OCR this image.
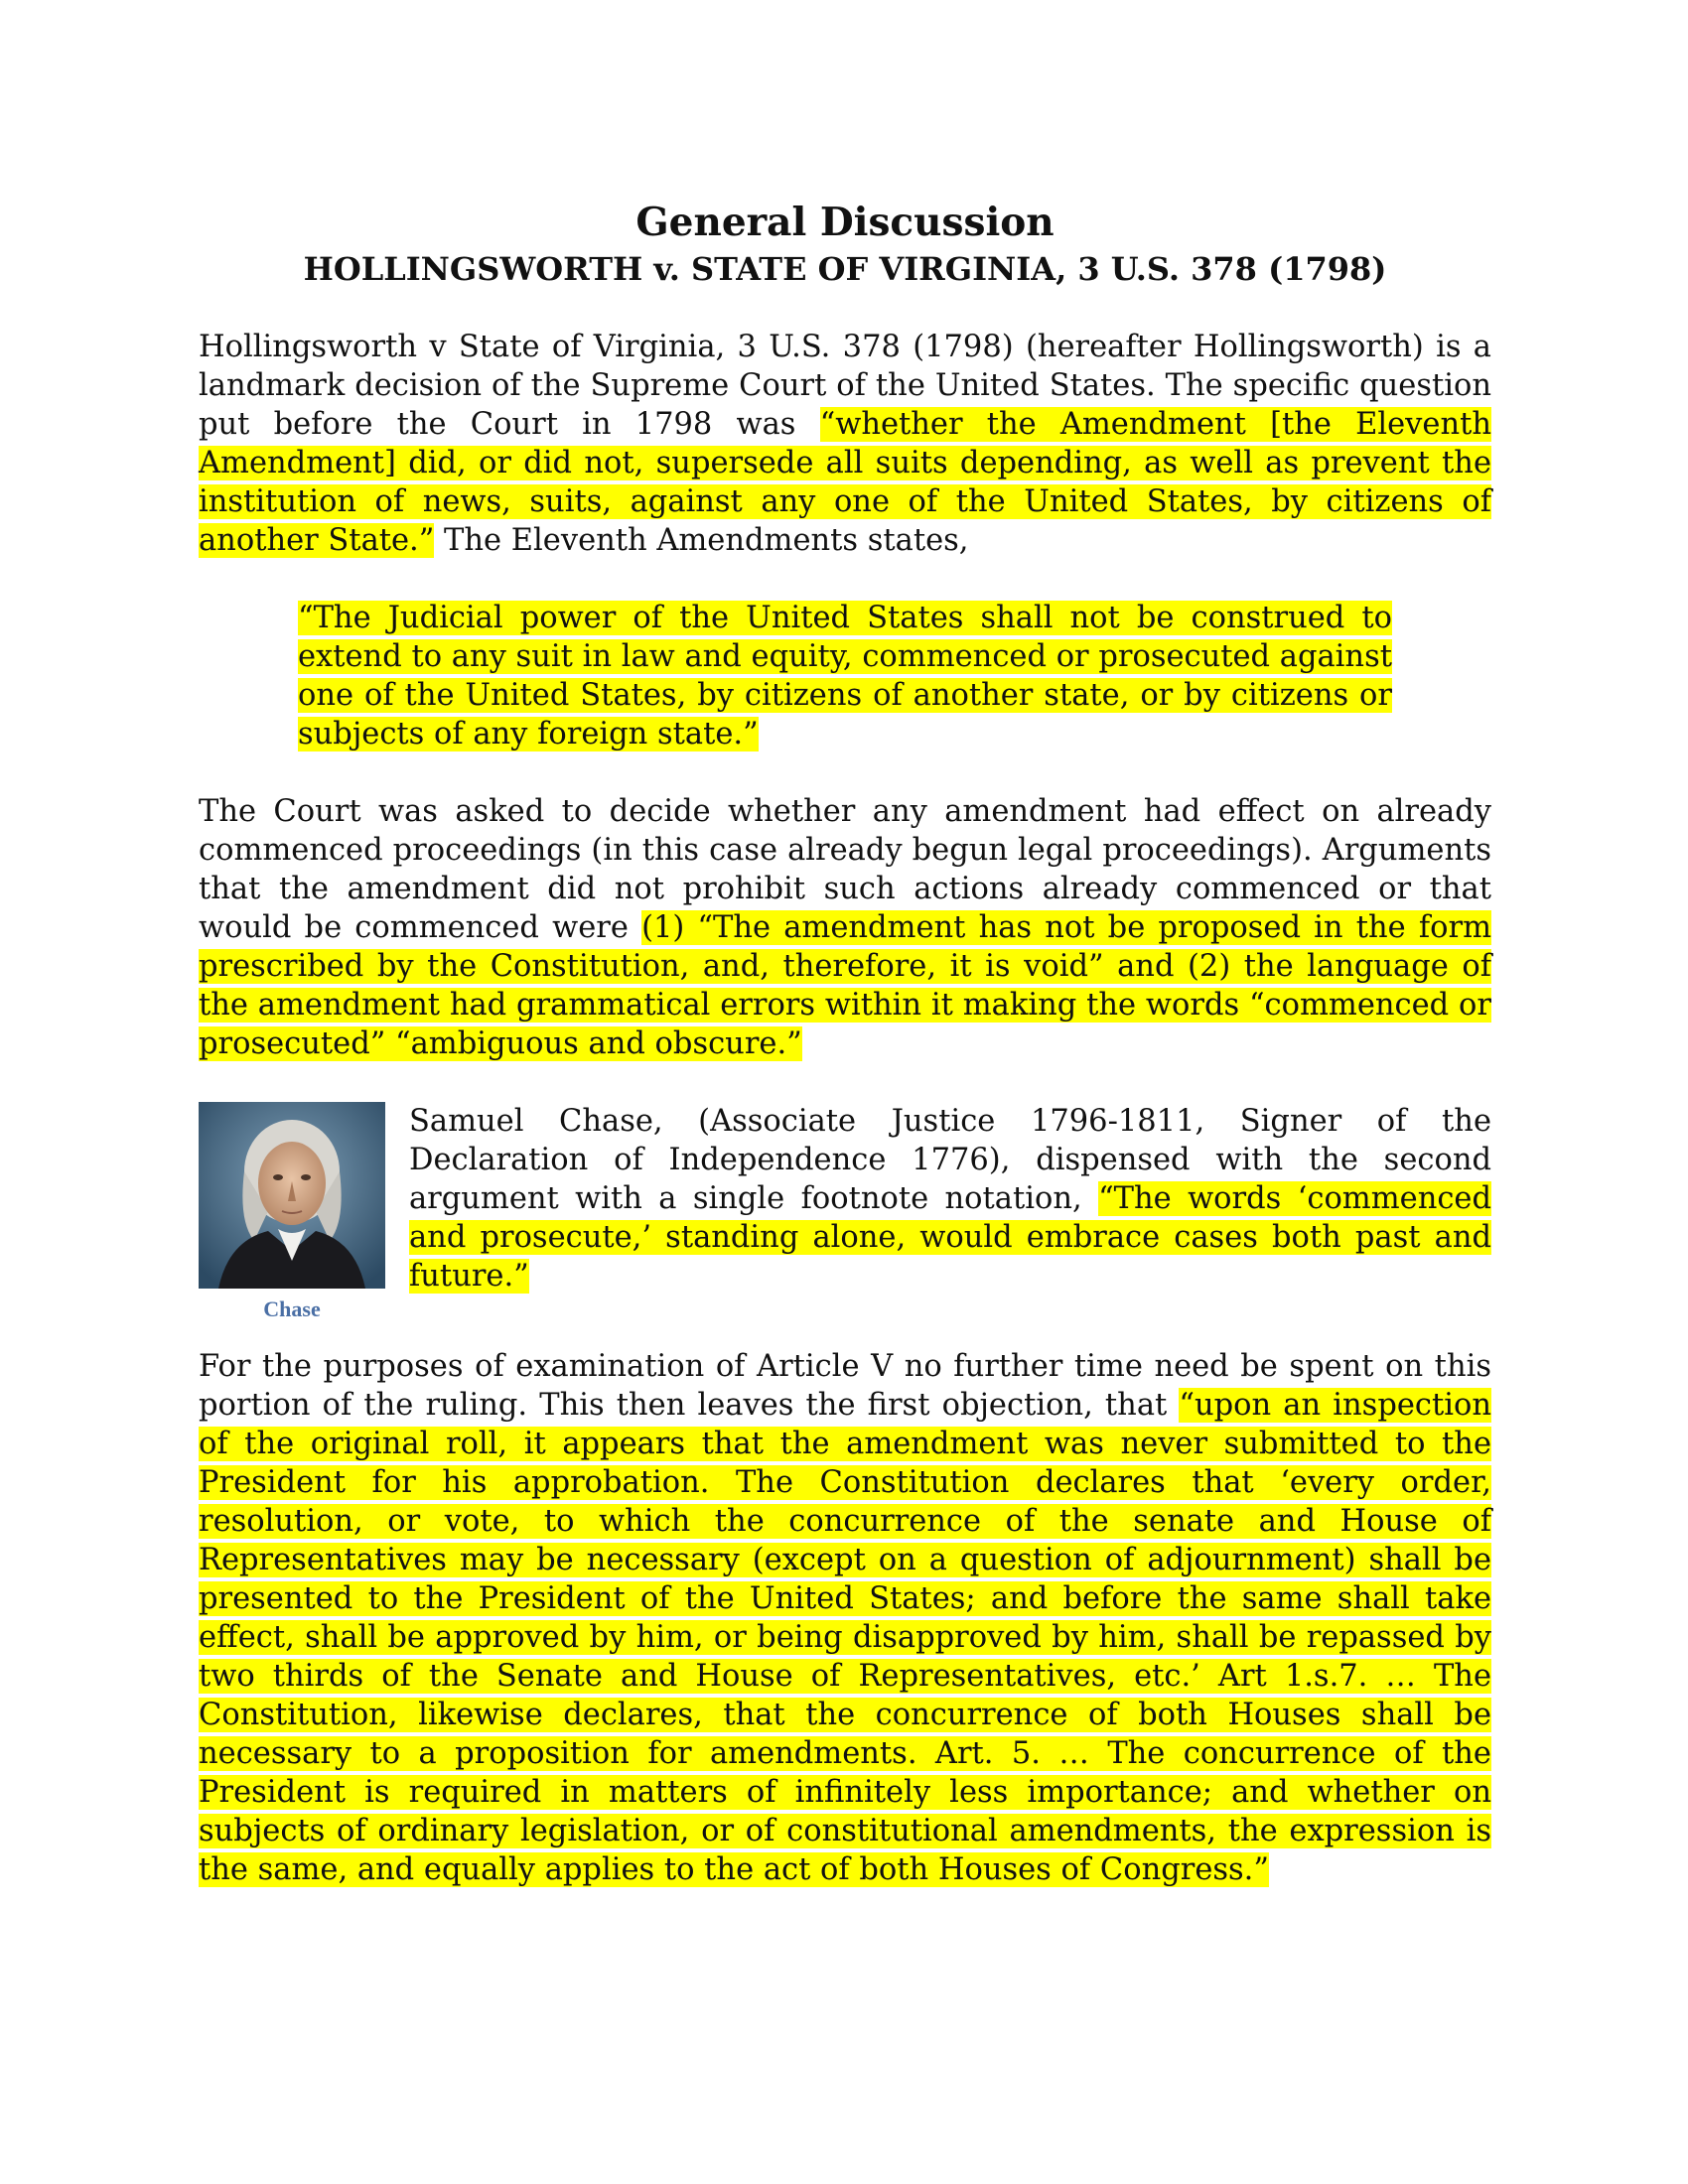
General Discussion
HOLLINGSWORTH v. STATE OF VIRGINIA, 3 U.S. 378 (1798)

Hollingsworth v State of Virginia, 3 U.S. 378 (1798) (hereafter Hollingsworth) is a landmark decision of the Supreme Court of the United States. The specific question put before the Court in 1798 was “whether the Amendment [the Eleventh Amendment] did, or did not, supersede all suits depending, as well as prevent the institution of news, suits, against any one of the United States, by citizens of another State.” The Eleventh Amendments states,

“The Judicial power of the United States shall not be construed to extend to any suit in law and equity, commenced or prosecuted against one of the United States, by citizens of another state, or by citizens or subjects of any foreign state.”

The Court was asked to decide whether any amendment had effect on already commenced proceedings (in this case already begun legal proceedings). Arguments that the amendment did not prohibit such actions already commenced or that would be commenced were (1) “The amendment has not be proposed in the form prescribed by the Constitution, and, therefore, it is void” and (2) the language of the amendment had grammatical errors within it making the words “commenced or prosecuted” “ambiguous and obscure.”

Chase

Samuel Chase, (Associate Justice 1796-1811, Signer of the Declaration of Independence 1776), dispensed with the second argument with a single footnote notation, “The words ‘commenced and prosecute,’ standing alone, would embrace cases both past and future.”

For the purposes of examination of Article V no further time need be spent on this portion of the ruling. This then leaves the first objection, that “upon an inspection of the original roll, it appears that the amendment was never submitted to the President for his approbation. The Constitution declares that ‘every order, resolution, or vote, to which the concurrence of the senate and House of Representatives may be necessary (except on a question of adjournment) shall be presented to the President of the United States; and before the same shall take effect, shall be approved by him, or being disapproved by him, shall be repassed by two thirds of the Senate and House of Representatives, etc.’ Art 1.s.7. … The Constitution, likewise declares, that the concurrence of both Houses shall be necessary to a proposition for amendments. Art. 5. … The concurrence of the President is required in matters of infinitely less importance; and whether on subjects of ordinary legislation, or of constitutional amendments, the expression is the same, and equally applies to the act of both Houses of Congress.”
